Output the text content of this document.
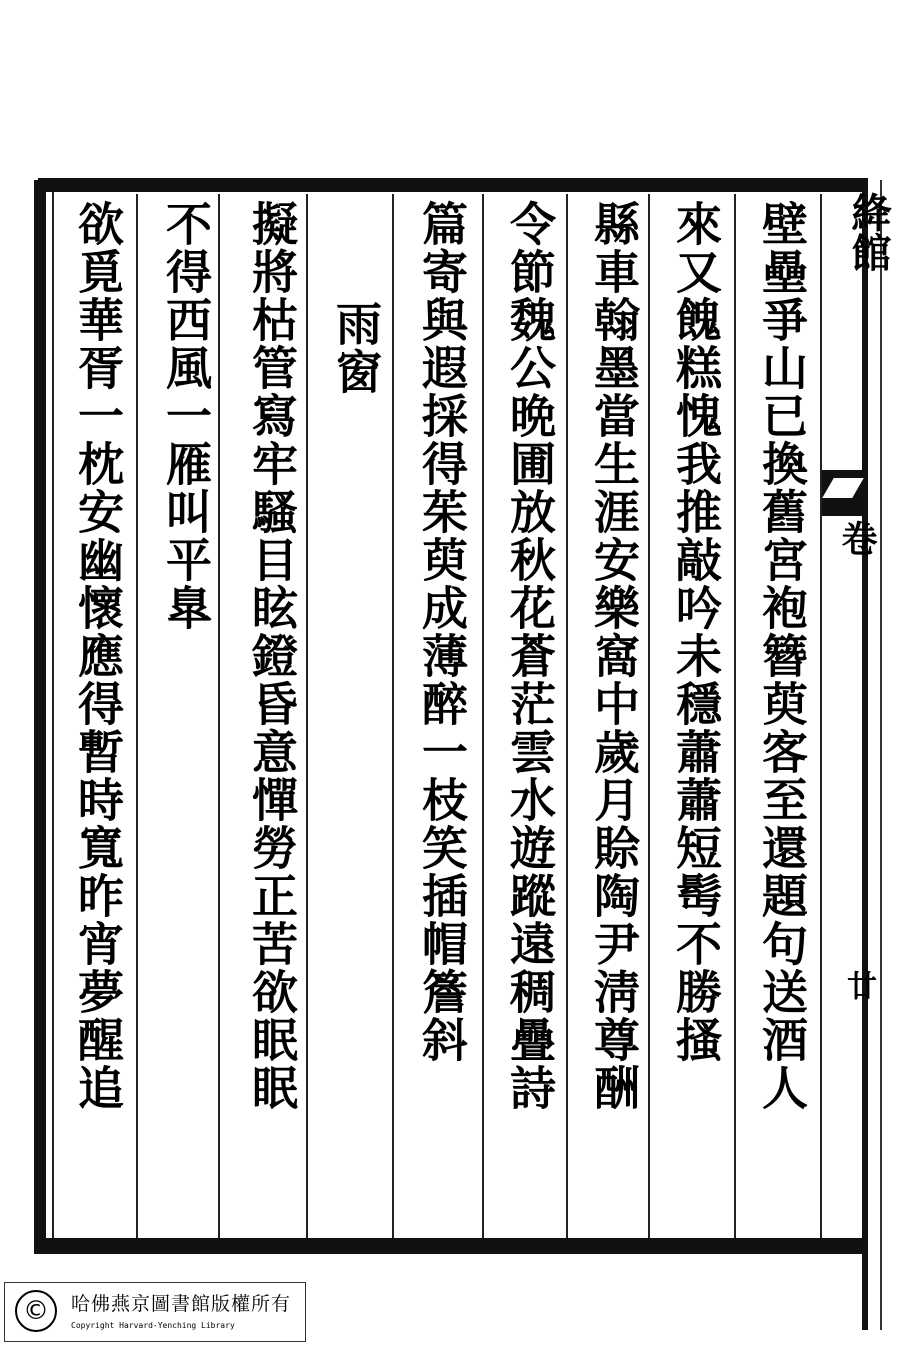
壁壘爭山已換舊宮袍簪萸客至還題句送酒人
來又餽糕愧我推敲吟未穩蕭蕭短髩不勝搔
縣車翰墨當生涯安樂窩中歲月賒陶尹淸尊酬
令節魏公晩圃放秋花蒼茫雲水遊蹤遠稠疊詩
篇寄與遐採得茱萸成薄醉一枝笑插帽簷斜
雨窗
擬將枯管寫牢騷目眩鐙昏意憚勞正苦欲眠眠
不得西風一雁叫平臯
欲覓華胥一枕安幽懷應得暫時寬昨宵夢醒追	絳館
卷
廿
©	哈佛燕京圖書館版權所有
Copyright Harvard-Yenching Library
